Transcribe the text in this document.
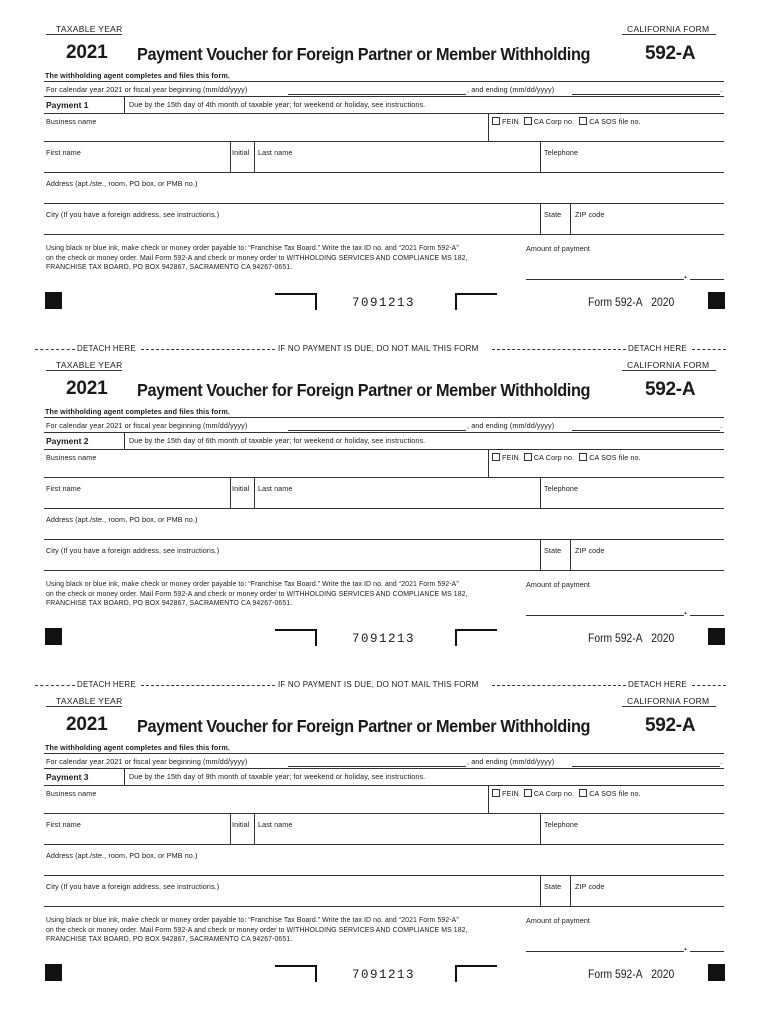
TAXABLE YEAR	CALIFORNIA FORM
2021 Payment Voucher for Foreign Partner or Member Withholding	592-A
The withholding agent completes and files this form.
For calendar year 2021 or fiscal year beginning (mm/dd/yyyy)	, and ending (mm/dd/yyyy)	.
Payment 1	Due by the 15th day of 4th month of taxable year; for weekend or holiday, see instructions.
Business name	FEIN CA Corp no. CA SOS file no.
First name	Initial Last name	Telephone
Address (apt./ste., room, PO box, or PMB no.)
City (If you have a foreign address, see instructions.)	State ZIP code
Using black or blue ink, make check or money order payable to: “Franchise Tax Board.” Write the tax ID no. and “2021 Form 592-A”
on the check or money order. Mail Form 592-A and check or money order to WITHHOLDING SERVICES AND COMPLIANCE MS 182,
FRANCHISE TAX BOARD, PO BOX 942867, SACRAMENTO CA 94267-0651.
Amount of payment
.
7091213	Form 592-A 2020
DETACH HERE	IF NO PAYMENT IS DUE, DO NOT MAIL THIS FORM	DETACH HERE
TAXABLE YEAR	CALIFORNIA FORM
2021 Payment Voucher for Foreign Partner or Member Withholding	592-A
The withholding agent completes and files this form.
For calendar year 2021 or fiscal year beginning (mm/dd/yyyy)	, and ending (mm/dd/yyyy)	.
Payment 2	Due by the 15th day of 6th month of taxable year; for weekend or holiday, see instructions.
Business name	FEIN CA Corp no. CA SOS file no.
First name	Initial Last name	Telephone
Address (apt./ste., room, PO box, or PMB no.)
City (If you have a foreign address, see instructions.)	State ZIP code
Using black or blue ink, make check or money order payable to: “Franchise Tax Board.” Write the tax ID no. and “2021 Form 592-A”
on the check or money order. Mail Form 592-A and check or money order to WITHHOLDING SERVICES AND COMPLIANCE MS 182,
FRANCHISE TAX BOARD, PO BOX 942867, SACRAMENTO CA 94267-0651.
Amount of payment
.
7091213	Form 592-A 2020
DETACH HERE	IF NO PAYMENT IS DUE, DO NOT MAIL THIS FORM	DETACH HERE
TAXABLE YEAR	CALIFORNIA FORM
2021 Payment Voucher for Foreign Partner or Member Withholding	592-A
The withholding agent completes and files this form.
For calendar year 2021 or fiscal year beginning (mm/dd/yyyy)	, and ending (mm/dd/yyyy)	.
Payment 3	Due by the 15th day of 9th month of taxable year; for weekend or holiday, see instructions.
Business name	FEIN CA Corp no. CA SOS file no.
First name	Initial Last name	Telephone
Address (apt./ste., room, PO box, or PMB no.)
City (If you have a foreign address, see instructions.)	State ZIP code
Using black or blue ink, make check or money order payable to: “Franchise Tax Board.” Write the tax ID no. and “2021 Form 592-A”
on the check or money order. Mail Form 592-A and check or money order to WITHHOLDING SERVICES AND COMPLIANCE MS 182,
FRANCHISE TAX BOARD, PO BOX 942867, SACRAMENTO CA 94267-0651.
Amount of payment
.
7091213	Form 592-A 2020
